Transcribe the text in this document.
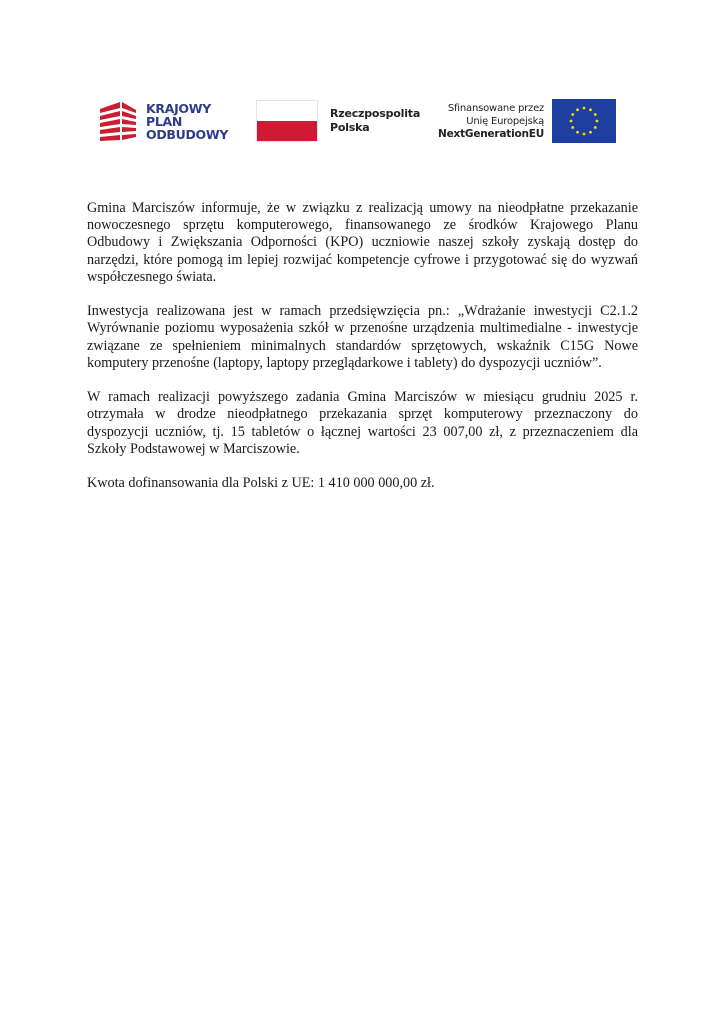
KRAJOWY
PLAN
ODBUDOWY
Rzeczpospolita
Polska
Sfinansowane przez
Unię Europejską
NextGenerationEU

Gmina Marciszów informuje, że w związku z realizacją umowy na nieodpłatne przekazanie nowoczesnego sprzętu komputerowego, finansowanego ze środków Krajowego Planu Odbudowy i Zwiększania Odporności (KPO) uczniowie naszej szkoły zyskają dostęp do narzędzi, które pomogą im lepiej rozwijać kompetencje cyfrowe i przygotować się do wyzwań współczesnego świata.

Inwestycja realizowana jest w ramach przedsięwzięcia pn.: „Wdrażanie inwestycji C2.1.2 Wyrównanie poziomu wyposażenia szkół w przenośne urządzenia multimedialne - inwestycje związane ze spełnieniem minimalnych standardów sprzętowych, wskaźnik C15G Nowe komputery przenośne (laptopy, laptopy przeglądarkowe i tablety) do dyspozycji uczniów”.

W ramach realizacji powyższego zadania Gmina Marciszów w miesiącu grudniu 2025 r. otrzymała w drodze nieodpłatnego przekazania sprzęt komputerowy przeznaczony do dyspozycji uczniów, tj. 15 tabletów o łącznej wartości 23 007,00 zł, z przeznaczeniem dla Szkoły Podstawowej w Marciszowie.

Kwota dofinansowania dla Polski z UE: 1 410 000 000,00 zł.
